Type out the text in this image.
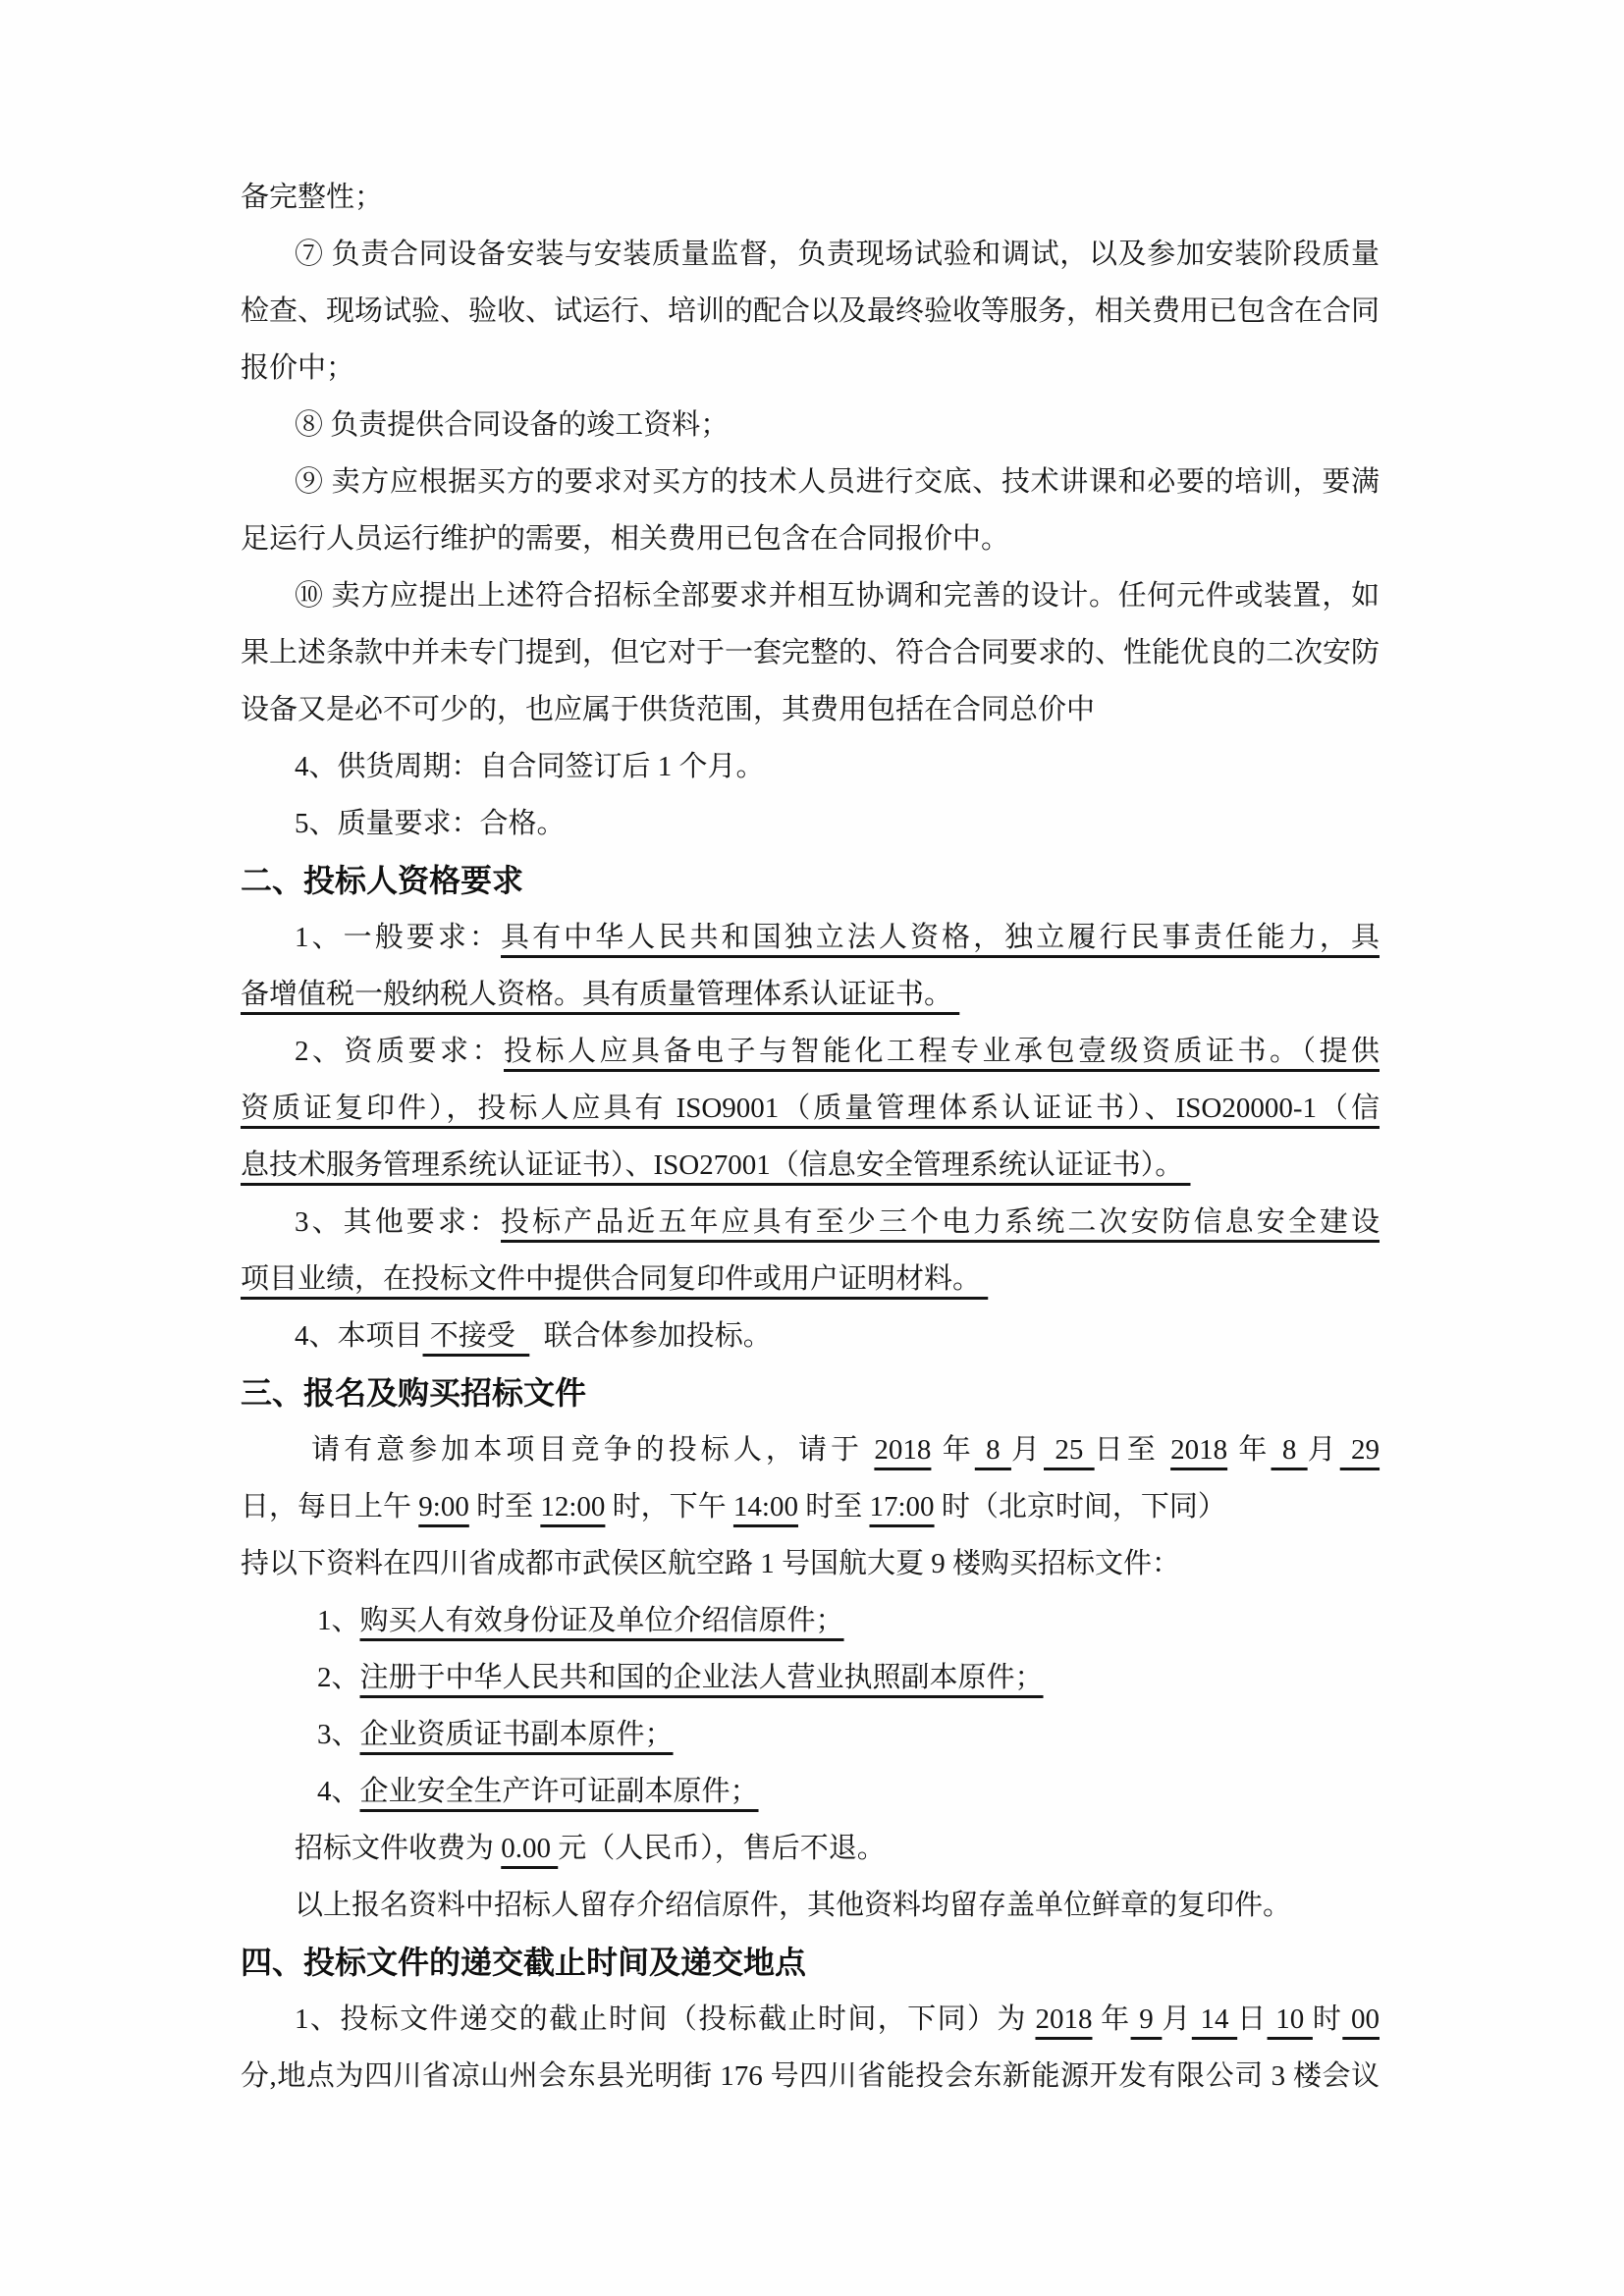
备完整性；
⑦ 负责合同设备安装与安装质量监督，负责现场试验和调试，以及参加安装阶段质量
检查、现场试验、验收、试运行、培训的配合以及最终验收等服务，相关费用已包含在合同
报价中；
⑧ 负责提供合同设备的竣工资料；
⑨ 卖方应根据买方的要求对买方的技术人员进行交底、技术讲课和必要的培训，要满
足运行人员运行维护的需要，相关费用已包含在合同报价中。
⑩ 卖方应提出上述符合招标全部要求并相互协调和完善的设计。任何元件或装置，如
果上述条款中并未专门提到，但它对于一套完整的、符合合同要求的、性能优良的二次安防
设备又是必不可少的，也应属于供货范围，其费用包括在合同总价中
4、供货周期：自合同签订后 1 个月。
5、质量要求：合格。
二、投标人资格要求
1、一般要求：具有中华人民共和国独立法人资格，独立履行民事责任能力，具
备增值税一般纳税人资格。具有质量管理体系认证证书。
2、资质要求：投标人应具备电子与智能化工程专业承包壹级资质证书。（提供
资质证复印件），投标人应具有 ISO9001（质量管理体系认证证书）、ISO20000-1（信
息技术服务管理系统认证证书）、ISO27001（信息安全管理系统认证证书）。
3、其他要求：投标产品近五年应具有至少三个电力系统二次安防信息安全建设
项目业绩，在投标文件中提供合同复印件或用户证明材料。
4、本项目 不接受    联合体参加投标。
三、报名及购买招标文件
请有意参加本项目竞争的投标人，请于 2018 年 8 月 25 日至 2018 年 8 月 29
日，每日上午 9:00 时至 12:00 时，下午 14:00 时至 17:00 时（北京时间，下同）
持以下资料在四川省成都市武侯区航空路 1 号国航大夏 9 楼购买招标文件：
1、购买人有效身份证及单位介绍信原件；
2、注册于中华人民共和国的企业法人营业执照副本原件；
3、企业资质证书副本原件；
4、企业安全生产许可证副本原件；
招标文件收费为 0.00 元（人民币），售后不退。
以上报名资料中招标人留存介绍信原件，其他资料均留存盖单位鲜章的复印件。
四、投标文件的递交截止时间及递交地点
1、投标文件递交的截止时间（投标截止时间，下同）为 2018 年 9 月 14 日 10 时 00
分,地点为四川省凉山州会东县光明街 176 号四川省能投会东新能源开发有限公司 3 楼会议
